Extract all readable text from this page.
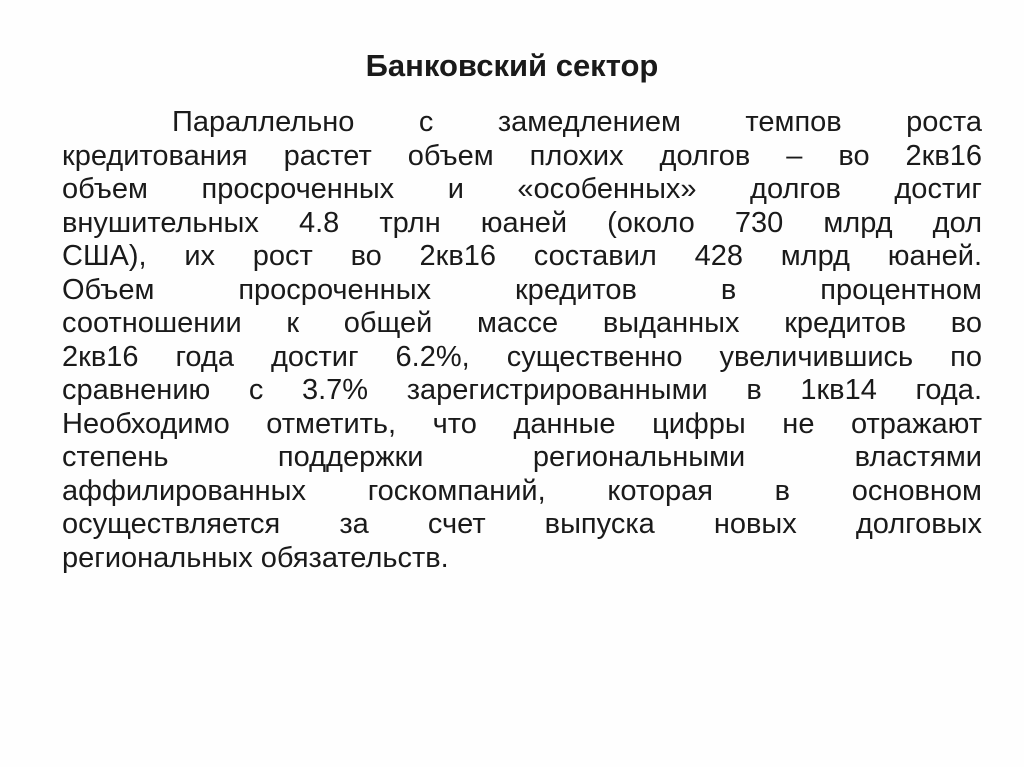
Банковский сектор
Параллельно с замедлением темпов роста
кредитования растет объем плохих долгов – во 2кв16
объем просроченных и «особенных» долгов достиг
внушительных 4.8 трлн юаней (около 730 млрд дол
США), их рост во 2кв16 составил 428 млрд юаней.
Объем просроченных кредитов в процентном
соотношении к общей массе выданных кредитов во
2кв16 года достиг 6.2%, существенно увеличившись по
сравнению с 3.7% зарегистрированными в 1кв14 года.
Необходимо отметить, что данные цифры не отражают
степень поддержки региональными властями
аффилированных госкомпаний, которая в основном
осуществляется за счет выпуска новых долговых
региональных обязательств.
